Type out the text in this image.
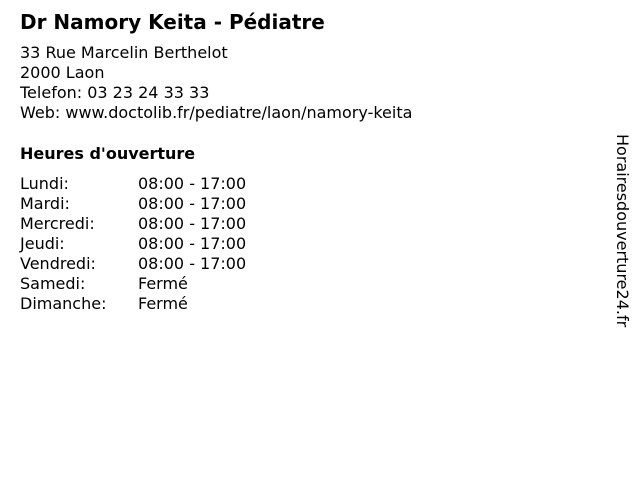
Dr Namory Keita - Pédiatre
33 Rue Marcelin Berthelot
2000 Laon
Telefon: 03 23 24 33 33
Web: www.doctolib.fr/pediatre/laon/namory-keita
Heures d'ouverture
Lundi:	08:00 - 17:00
Mardi:	08:00 - 17:00
Mercredi:	08:00 - 17:00
Jeudi:	08:00 - 17:00
Vendredi:	08:00 - 17:00
Samedi:	Fermé
Dimanche: Fermé	Horairesdouverture24.fr
